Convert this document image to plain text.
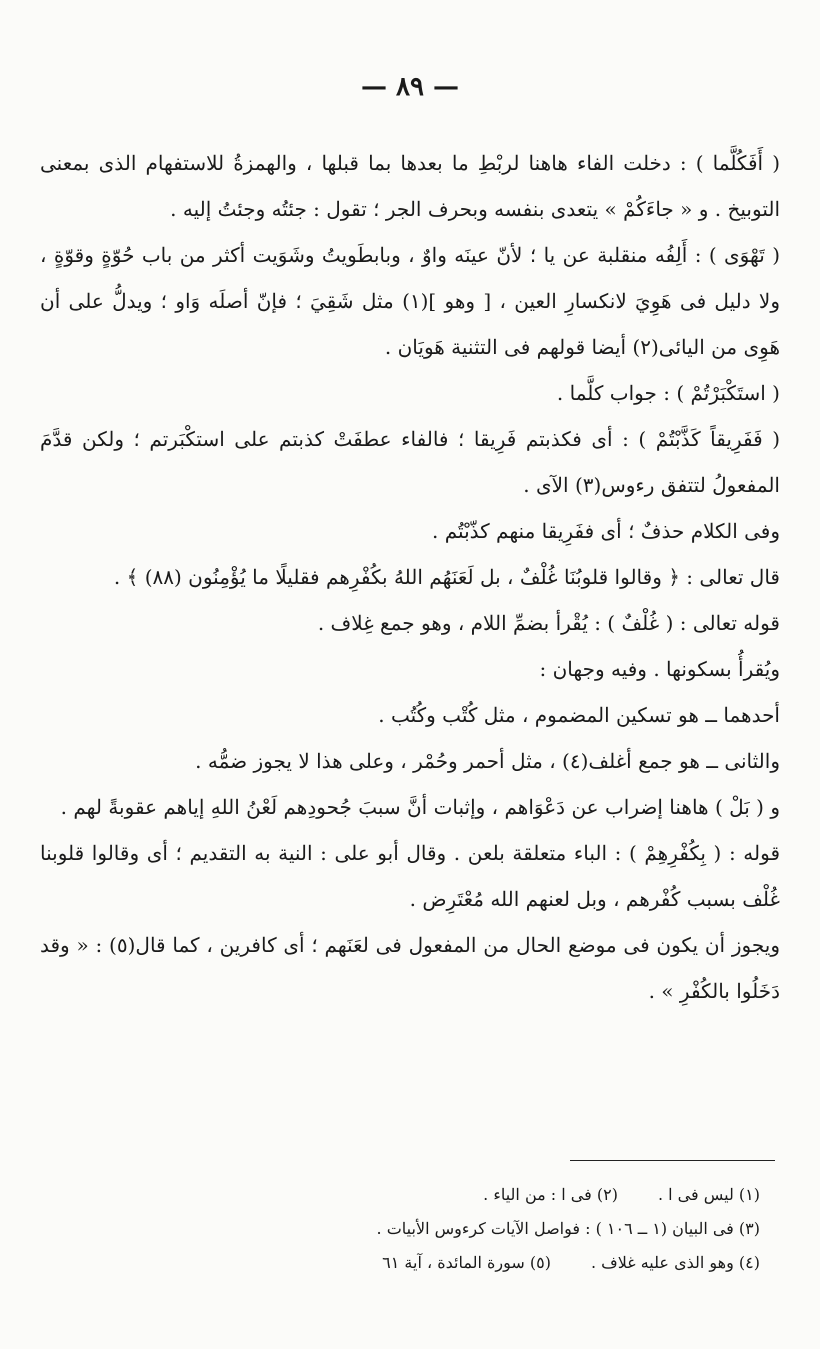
— ٨٩ —

( أَفَكُلَّما ) : دخلت الفاء هاهنا لربْطِ ما بعدها بما قبلها ، والهمزةُ للاستفهام الذى بمعنى التوبيخ . و « جاءَكُمْ » يتعدى بنفسه وبحرف الجر ؛ تقول : جئتُه وجئتُ إليه .

( تَهْوَى ) : أَلِفُه منقلبة عن يا ؛ لأنّ عينَه واوٌ ، وبابطَويتُ وشَوَيت أكثر من باب حُوّةٍ وقوّةٍ ، ولا دليل فى هَوِيَ لانكسارِ العين ، [ وهو ](١) مثل شَقِيَ ؛ فإنّ أصلَه وَاو ؛ ويدلُّ على أن هَوِى من اليائى(٢) أيضا قولهم فى التثنية هَويَان .

( استَكْبَرْتُمْ ) : جواب كلَّما .

( فَفَرِيقاً كَذَّبْتُمْ ) : أى فكذبتم فَرِيقا ؛ فالفاء عطفَتْ كذبتم على استكْبَرتم ؛ ولكن قدَّمَ المفعولُ لتتفق رءوس(٣) الآى .

وفى الكلام حذفٌ ؛ أى ففَرِيقا منهم كذّبْتُم .

قال تعالى : ﴿ وقالوا قلوبُنَا غُلْفٌ ، بل لَعَنَهُم اللهُ بكُفْرِهم فقليلًا ما يُؤْمِنُون (٨٨) ﴾ .

قوله تعالى : ( غُلْفٌ ) : يُقْرأ بضمِّ اللام ، وهو جمع غِلاف .

ويُقرأُ بسكونها . وفيه وجهان :

أحدهما ــ هو تسكين المضموم ، مثل كُتْب وكُتُب .

والثانى ــ هو جمع أغلف(٤) ، مثل أحمر وحُمْر ، وعلى هذا لا يجوز ضمُّه .

و ( بَلْ ) هاهنا إضراب عن دَعْوَاهم ، وإثبات أنَّ سببَ جُحودِهم لَعْنُ اللهِ إياهم عقوبةً لهم .

قوله : ( بِكُفْرِهِمْ ) : الباء متعلقة بلعن . وقال أبو على : النية به التقديم ؛ أى وقالوا قلوبنا غُلْف بسبب كُفْرهم ، وبل لعنهم الله مُعْتَرِض .

ويجوز أن يكون فى موضع الحال من المفعول فى لعَنَهم ؛ أى كافرين ، كما قال(٥) : « وقد دَخَلُوا بالكُفْرِ » .

(١) ليس فى ا .
(٢) فى ا : من الياء .
(٣) فى البيان (١ ــ ١٠٦ ) : فواصل الآيات كرءوس الأبيات .
(٤) وهو الذى عليه غلاف .
(٥) سورة المائدة ، آية ٦١
